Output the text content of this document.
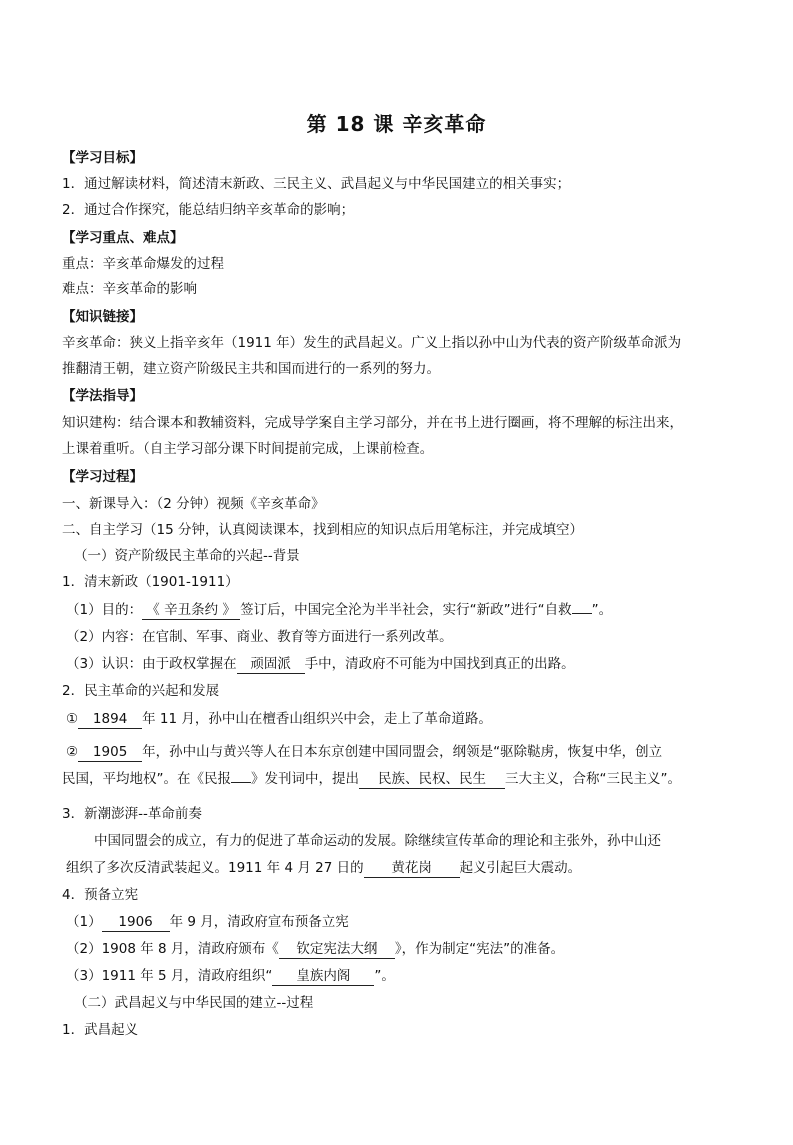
第 18 课 辛亥革命
【学习目标】
1．通过解读材料，简述清末新政、三民主义、武昌起义与中华民国建立的相关事实；
2．通过合作探究，能总结归纳辛亥革命的影响；
【学习重点、难点】
重点：辛亥革命爆发的过程
难点：辛亥革命的影响
【知识链接】
辛亥革命：狭义上指辛亥年（1911 年）发生的武昌起义。广义上指以孙中山为代表的资产阶级革命派为
推翻清王朝，建立资产阶级民主共和国而进行的一系列的努力。
【学法指导】
知识建构：结合课本和教辅资料，完成导学案自主学习部分，并在书上进行圈画，将不理解的标注出来，
上课着重听。（自主学习部分课下时间提前完成，上课前检查。
【学习过程】
一、新课导入：（2 分钟）视频《辛亥革命》
二、自主学习（15 分钟，认真阅读课本，找到相应的知识点后用笔标注，并完成填空）
（一）资产阶级民主革命的兴起--背景
1．清末新政（1901-1911）
（1）目的： 《 辛丑条约 》 签订后，中国完全沦为半半社会，实行“新政”进行“自救 ”。
（2）内容：在官制、军事、商业、教育等方面进行一系列改革。
（3）认识：由于政权掌握在 顽固派 手中，清政府不可能为中国找到真正的出路。
2．民主革命的兴起和发展
① 1894 年 11 月，孙中山在檀香山组织兴中会，走上了革命道路。
② 1905 年，孙中山与黄兴等人在日本东京创建中国同盟会，纲领是“驱除鞑虏，恢复中华，创立
民国，平均地权”。在《民报 》发刊词中，提出 民族、民权、民生 三大主义，合称“三民主义”。
3．新潮澎湃--革命前奏
中国同盟会的成立，有力的促进了革命运动的发展。除继续宣传革命的理论和主张外，孙中山还
组织了多次反清武装起义。1911 年 4 月 27 日的 黄花岗 起义引起巨大震动。
4．预备立宪
（1） 1906 年 9 月，清政府宣布预备立宪
（2）1908 年 8 月，清政府颁布《 钦定宪法大纲 》，作为制定“宪法”的准备。
（3）1911 年 5 月，清政府组织“ 皇族内阁 ”。
（二）武昌起义与中华民国的建立--过程
1．武昌起义
